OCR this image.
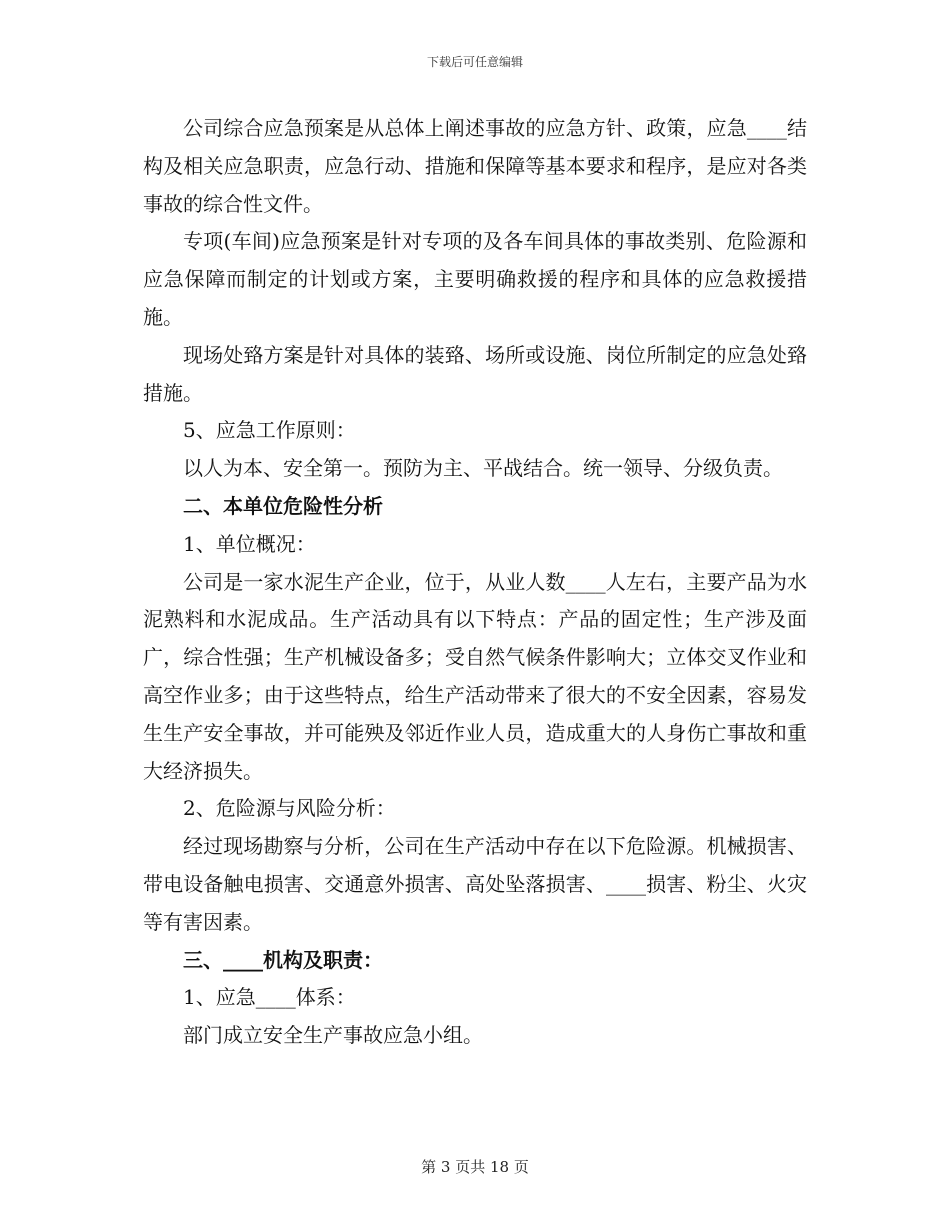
下载后可任意编辑

公司综合应急预案是从总体上阐述事故的应急方针、政策，应急____结构及相关应急职责，应急行动、措施和保障等基本要求和程序，是应对各类事故的综合性文件。

专项(车间)应急预案是针对专项的及各车间具体的事故类别、危险源和应急保障而制定的计划或方案，主要明确救援的程序和具体的应急救援措施。

现场处臵方案是针对具体的装臵、场所或设施、岗位所制定的应急处臵措施。

5、应急工作原则：

以人为本、安全第一。预防为主、平战结合。统一领导、分级负责。

二、本单位危险性分析

1、单位概况：

公司是一家水泥生产企业，位于，从业人数____人左右，主要产品为水泥熟料和水泥成品。生产活动具有以下特点：产品的固定性；生产涉及面广，综合性强；生产机械设备多；受自然气候条件影响大；立体交叉作业和高空作业多；由于这些特点，给生产活动带来了很大的不安全因素，容易发生生产安全事故，并可能殃及邻近作业人员，造成重大的人身伤亡事故和重大经济损失。

2、危险源与风险分析：

经过现场勘察与分析，公司在生产活动中存在以下危险源。机械损害、带电设备触电损害、交通意外损害、高处坠落损害、____损害、粉尘、火灾等有害因素。

三、____机构及职责：

1、应急____体系：

部门成立安全生产事故应急小组。

第 3 页共 18 页
